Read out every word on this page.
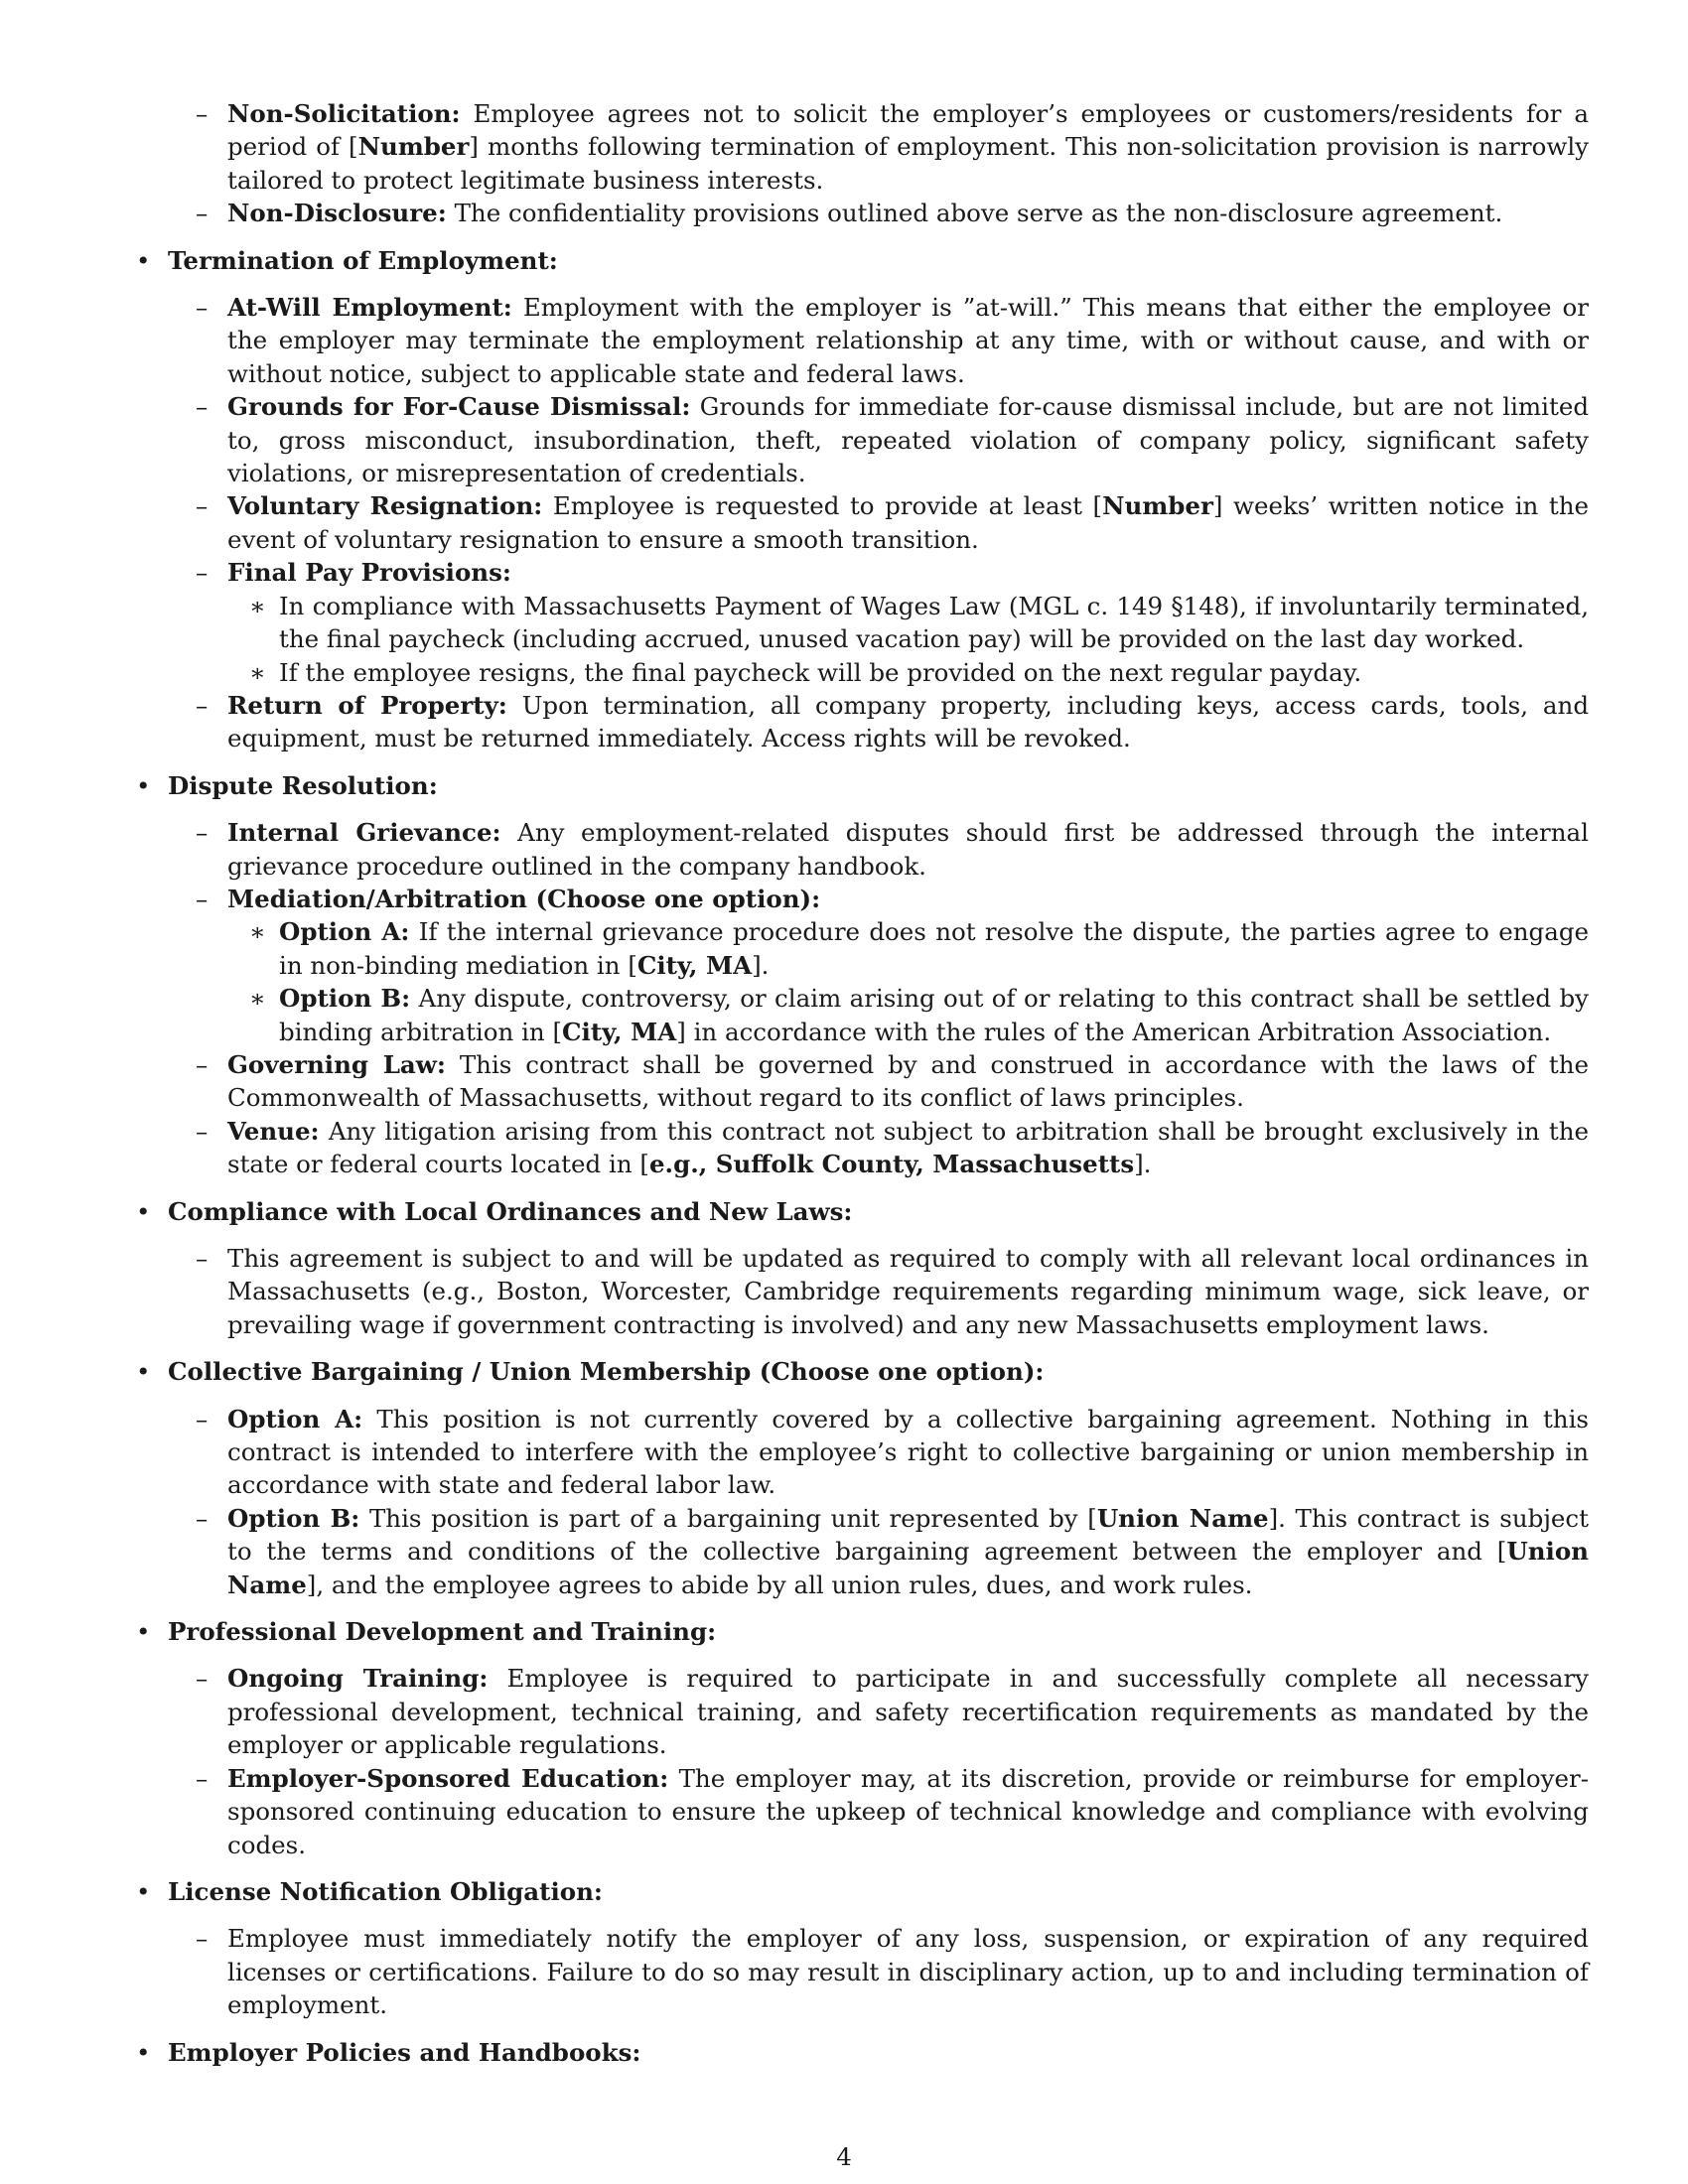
– Non-Solicitation: Employee agrees not to solicit the employer’s employees or customers/residents for a period of [Number] months following termination of employment. This non-solicitation provision is narrowly tailored to protect legitimate business interests.
– Non-Disclosure: The confidentiality provisions outlined above serve as the non-disclosure agreement.
• Termination of Employment:
– At-Will Employment: Employment with the employer is ”at-will.” This means that either the employee or the employer may terminate the employment relationship at any time, with or without cause, and with or without notice, subject to applicable state and federal laws.
– Grounds for For-Cause Dismissal: Grounds for immediate for-cause dismissal include, but are not limited to, gross misconduct, insubordination, theft, repeated violation of company policy, significant safety violations, or misrepresentation of credentials.
– Voluntary Resignation: Employee is requested to provide at least [Number] weeks’ written notice in the event of voluntary resignation to ensure a smooth transition.
– Final Pay Provisions:
∗ In compliance with Massachusetts Payment of Wages Law (MGL c. 149 §148), if involuntarily terminated, the final paycheck (including accrued, unused vacation pay) will be provided on the last day worked.
∗ If the employee resigns, the final paycheck will be provided on the next regular payday.
– Return of Property: Upon termination, all company property, including keys, access cards, tools, and equipment, must be returned immediately. Access rights will be revoked.
• Dispute Resolution:
– Internal Grievance: Any employment-related disputes should first be addressed through the internal grievance procedure outlined in the company handbook.
– Mediation/Arbitration (Choose one option):
∗ Option A: If the internal grievance procedure does not resolve the dispute, the parties agree to engage in non-binding mediation in [City, MA].
∗ Option B: Any dispute, controversy, or claim arising out of or relating to this contract shall be settled by binding arbitration in [City, MA] in accordance with the rules of the American Arbitration Association.
– Governing Law: This contract shall be governed by and construed in accordance with the laws of the Commonwealth of Massachusetts, without regard to its conflict of laws principles.
– Venue: Any litigation arising from this contract not subject to arbitration shall be brought exclusively in the state or federal courts located in [e.g., Suffolk County, Massachusetts].
• Compliance with Local Ordinances and New Laws:
– This agreement is subject to and will be updated as required to comply with all relevant local ordinances in Massachusetts (e.g., Boston, Worcester, Cambridge requirements regarding minimum wage, sick leave, or prevailing wage if government contracting is involved) and any new Massachusetts employment laws.
• Collective Bargaining / Union Membership (Choose one option):
– Option A: This position is not currently covered by a collective bargaining agreement. Nothing in this contract is intended to interfere with the employee’s right to collective bargaining or union membership in accordance with state and federal labor law.
– Option B: This position is part of a bargaining unit represented by [Union Name]. This contract is subject to the terms and conditions of the collective bargaining agreement between the employer and [Union Name], and the employee agrees to abide by all union rules, dues, and work rules.
• Professional Development and Training:
– Ongoing Training: Employee is required to participate in and successfully complete all necessary professional development, technical training, and safety recertification requirements as mandated by the employer or applicable regulations.
– Employer-Sponsored Education: The employer may, at its discretion, provide or reimburse for employer-sponsored continuing education to ensure the upkeep of technical knowledge and compliance with evolving codes.
• License Notification Obligation:
– Employee must immediately notify the employer of any loss, suspension, or expiration of any required licenses or certifications. Failure to do so may result in disciplinary action, up to and including termination of employment.
• Employer Policies and Handbooks:
4
